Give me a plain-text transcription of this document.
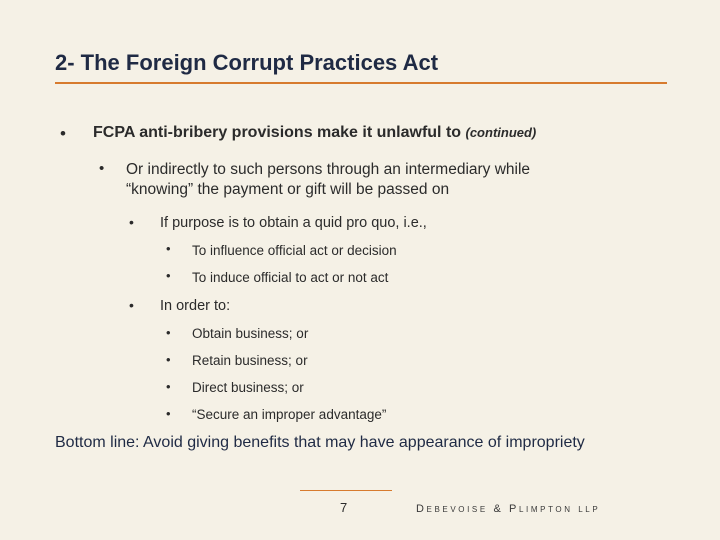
2- The Foreign Corrupt Practices Act
• FCPA anti-bribery provisions make it unlawful to (continued)
• Or indirectly to such persons through an intermediary while
“knowing” the payment or gift will be passed on
• If purpose is to obtain a quid pro quo, i.e.,
• To influence official act or decision
• To induce official to act or not act
• In order to:
• Obtain business; or
• Retain business; or
• Direct business; or
• “Secure an improper advantage”
Bottom line: Avoid giving benefits that may have appearance of impropriety
7	Debevoise & Plimpton llp
